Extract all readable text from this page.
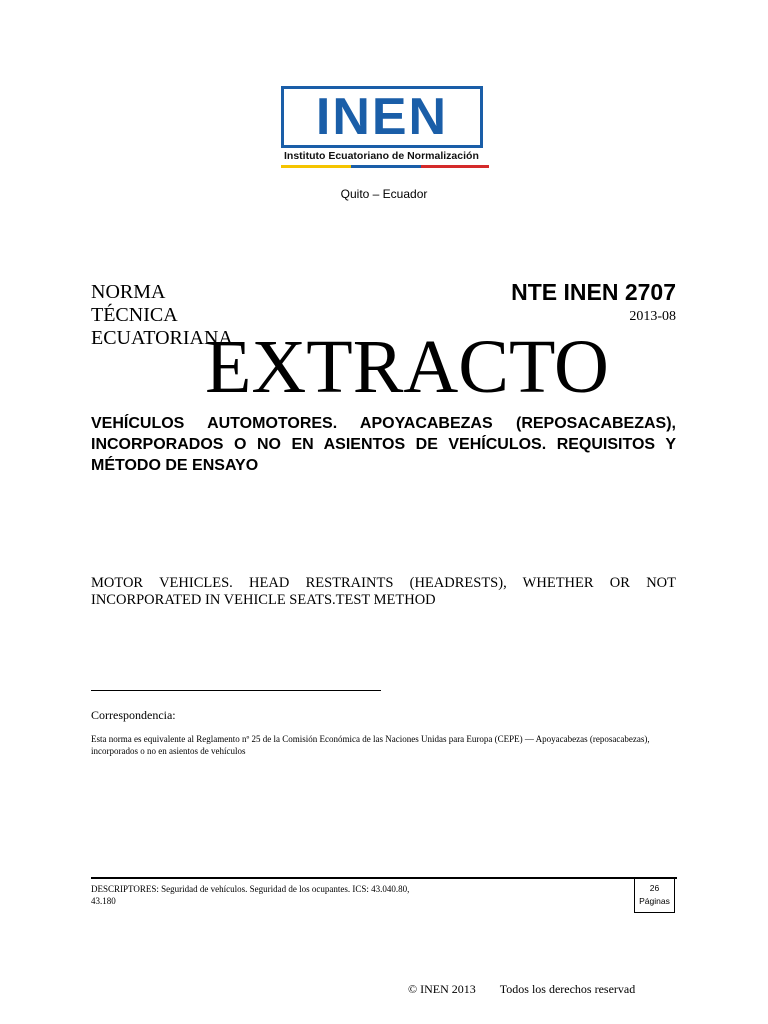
INEN
Instituto Ecuatoriano de Normalización
Quito – Ecuador
NORMA
TÉCNICA
ECUATORIANA
NTE INEN 2707
2013-08
EXTRACTO
VEHÍCULOS AUTOMOTORES. APOYACABEZAS (REPOSACABEZAS), INCORPORADOS O NO EN ASIENTOS DE VEHÍCULOS. REQUISITOS Y MÉTODO DE ENSAYO
MOTOR VEHICLES. HEAD RESTRAINTS (HEADRESTS), WHETHER OR NOT INCORPORATED IN VEHICLE SEATS.TEST METHOD
Correspondencia:
Esta norma es equivalente al Reglamento nº 25 de la Comisión Económica de las Naciones Unidas para Europa (CEPE) — Apoyacabezas (reposacabezas), incorporados o no en asientos de vehículos
DESCRIPTORES: Seguridad de vehículos. Seguridad de los ocupantes. ICS: 43.040.80, 43.180
26
Páginas
© INEN 2013 Todos los derechos reservad
